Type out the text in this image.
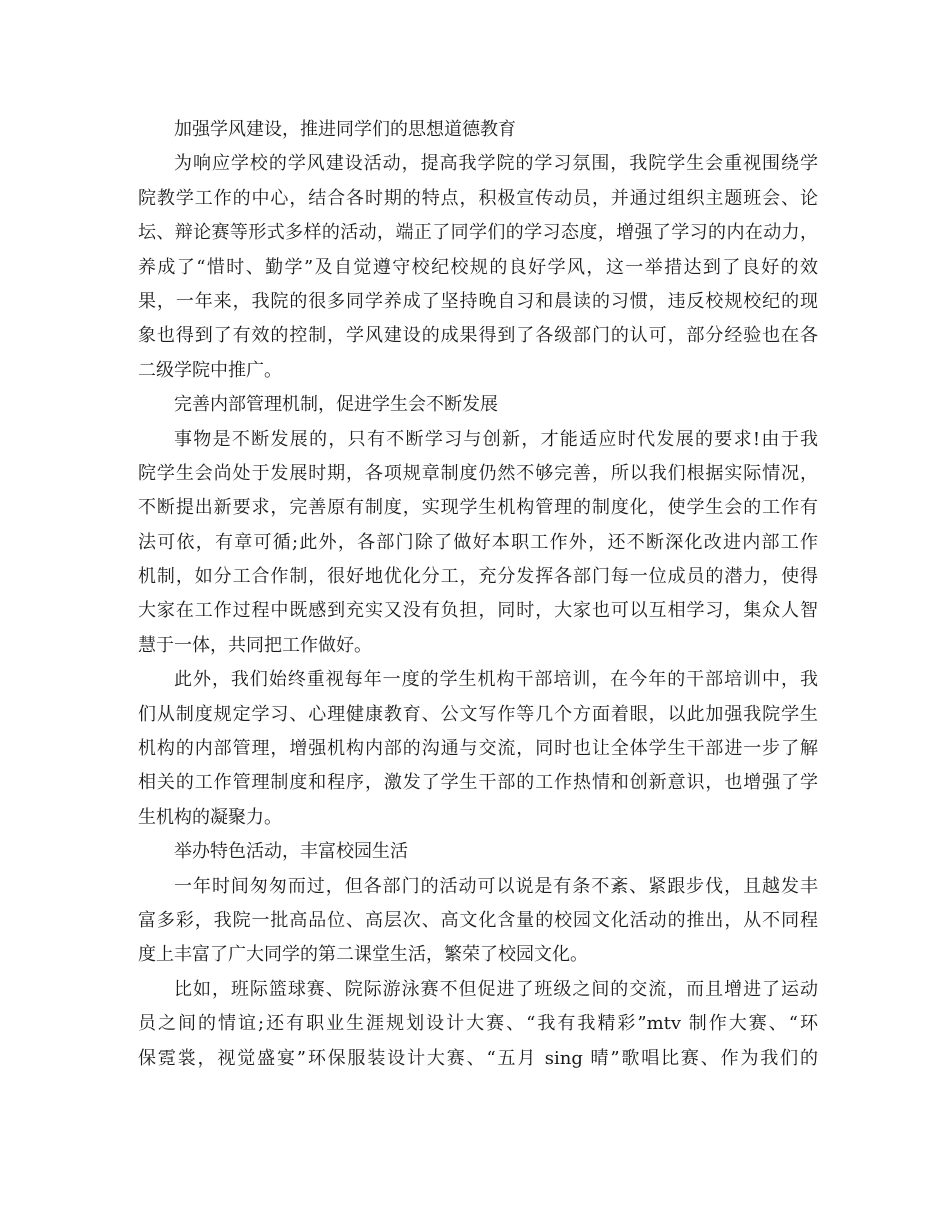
加强学风建设，推进同学们的思想道德教育
为响应学校的学风建设活动，提高我学院的学习氛围，我院学生会重视围绕学
院教学工作的中心，结合各时期的特点，积极宣传动员，并通过组织主题班会、论
坛、辩论赛等形式多样的活动，端正了同学们的学习态度，增强了学习的内在动力，
养成了“惜时、勤学”及自觉遵守校纪校规的良好学风，这一举措达到了良好的效
果，一年来，我院的很多同学养成了坚持晚自习和晨读的习惯，违反校规校纪的现
象也得到了有效的控制，学风建设的成果得到了各级部门的认可，部分经验也在各
二级学院中推广。
完善内部管理机制，促进学生会不断发展
事物是不断发展的，只有不断学习与创新，才能适应时代发展的要求!由于我
院学生会尚处于发展时期，各项规章制度仍然不够完善，所以我们根据实际情况，
不断提出新要求，完善原有制度，实现学生机构管理的制度化，使学生会的工作有
法可依，有章可循;此外，各部门除了做好本职工作外，还不断深化改进内部工作
机制，如分工合作制，很好地优化分工，充分发挥各部门每一位成员的潜力，使得
大家在工作过程中既感到充实又没有负担，同时，大家也可以互相学习，集众人智
慧于一体，共同把工作做好。
此外，我们始终重视每年一度的学生机构干部培训，在今年的干部培训中，我
们从制度规定学习、心理健康教育、公文写作等几个方面着眼，以此加强我院学生
机构的内部管理，增强机构内部的沟通与交流，同时也让全体学生干部进一步了解
相关的工作管理制度和程序，激发了学生干部的工作热情和创新意识，也增强了学
生机构的凝聚力。
举办特色活动，丰富校园生活
一年时间匆匆而过，但各部门的活动可以说是有条不紊、紧跟步伐，且越发丰
富多彩，我院一批高品位、高层次、高文化含量的校园文化活动的推出，从不同程
度上丰富了广大同学的第二课堂生活，繁荣了校园文化。
比如，班际篮球赛、院际游泳赛不但促进了班级之间的交流，而且增进了运动
员之间的情谊;还有职业生涯规划设计大赛、“我有我精彩”mtv 制作大赛、“环
保霓裳，视觉盛宴”环保服装设计大赛、“五月 sing 晴”歌唱比赛、作为我们的
